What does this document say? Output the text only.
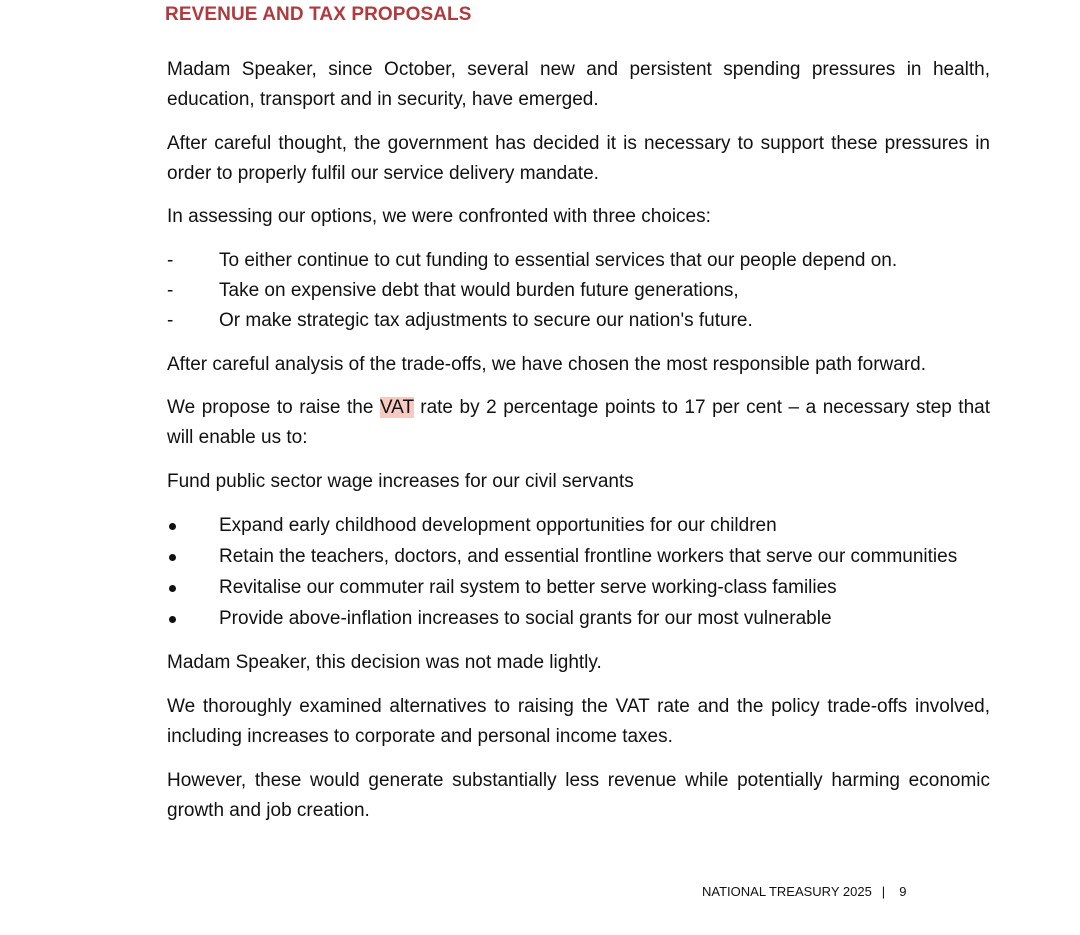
REVENUE AND TAX PROPOSALS

Madam Speaker, since October, several new and persistent spending pressures in health, education, transport and in security, have emerged.

After careful thought, the government has decided it is necessary to support these pressures in order to properly fulfil our service delivery mandate.

In assessing our options, we were confronted with three choices:

-	To either continue to cut funding to essential services that our people depend on.
-	Take on expensive debt that would burden future generations,
-	Or make strategic tax adjustments to secure our nation's future.

After careful analysis of the trade-offs, we have chosen the most responsible path forward.

We propose to raise the VAT rate by 2 percentage points to 17 per cent – a necessary step that will enable us to:

Fund public sector wage increases for our civil servants

Expand early childhood development opportunities for our children
Retain the teachers, doctors, and essential frontline workers that serve our communities
Revitalise our commuter rail system to better serve working-class families
Provide above-inflation increases to social grants for our most vulnerable

Madam Speaker, this decision was not made lightly.

We thoroughly examined alternatives to raising the VAT rate and the policy trade-offs involved, including increases to corporate and personal income taxes.

However, these would generate substantially less revenue while potentially harming economic growth and job creation.

NATIONAL TREASURY 2025 | 9
